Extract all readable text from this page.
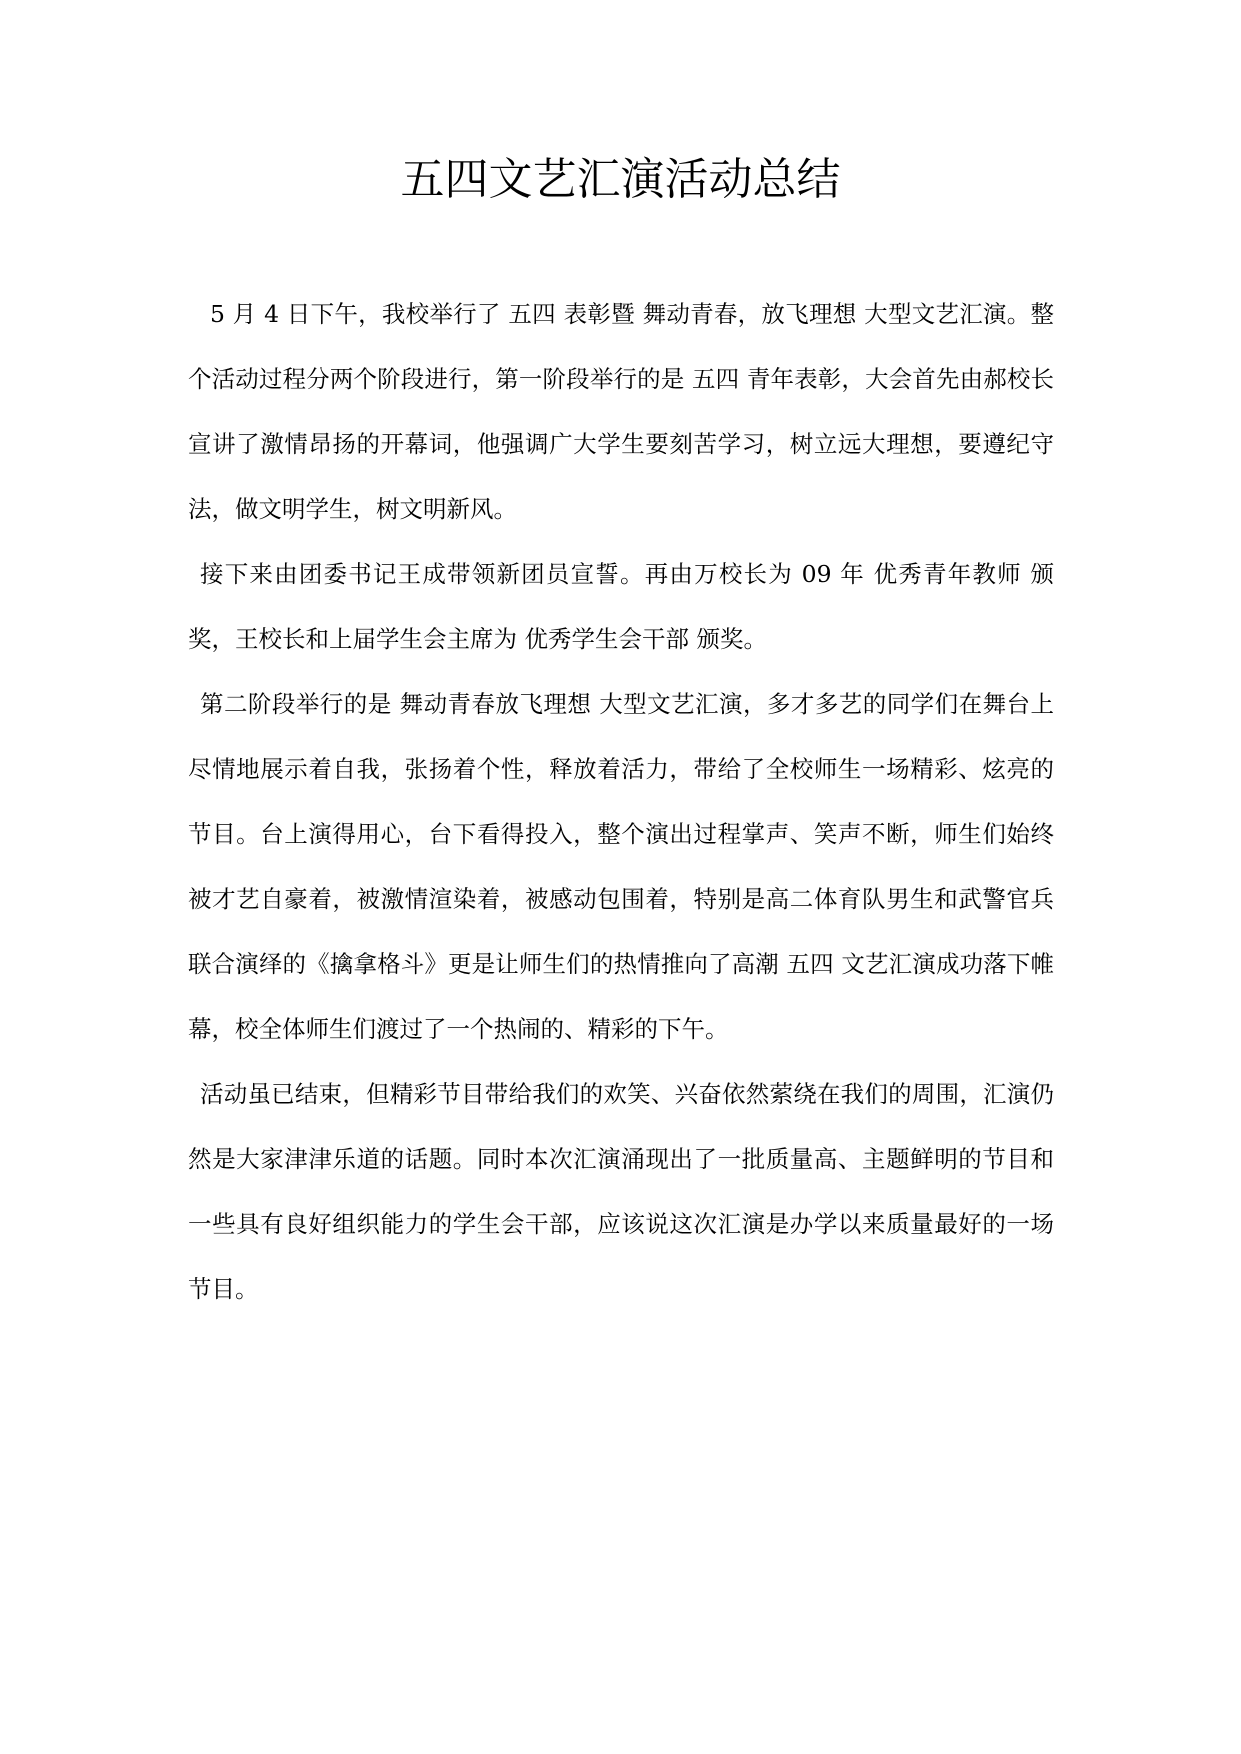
五四文艺汇演活动总结

5 月 4 日下午，我校举行了 五四 表彰暨 舞动青春，放飞理想 大型文艺汇演。整个活动过程分两个阶段进行，第一阶段举行的是 五四 青年表彰，大会首先由郝校长宣讲了激情昂扬的开幕词，他强调广大学生要刻苦学习，树立远大理想，要遵纪守法，做文明学生，树文明新风。

接下来由团委书记王成带领新团员宣誓。再由万校长为 09 年 优秀青年教师 颁奖，王校长和上届学生会主席为 优秀学生会干部 颁奖。

第二阶段举行的是 舞动青春放飞理想 大型文艺汇演，多才多艺的同学们在舞台上尽情地展示着自我，张扬着个性，释放着活力，带给了全校师生一场精彩、炫亮的节目。台上演得用心，台下看得投入，整个演出过程掌声、笑声不断，师生们始终被才艺自豪着，被激情渲染着，被感动包围着，特别是高二体育队男生和武警官兵联合演绎的《擒拿格斗》更是让师生们的热情推向了高潮 五四 文艺汇演成功落下帷幕，校全体师生们渡过了一个热闹的、精彩的下午。

活动虽已结束，但精彩节目带给我们的欢笑、兴奋依然萦绕在我们的周围，汇演仍然是大家津津乐道的话题。同时本次汇演涌现出了一批质量高、主题鲜明的节目和一些具有良好组织能力的学生会干部，应该说这次汇演是办学以来质量最好的一场节目。
